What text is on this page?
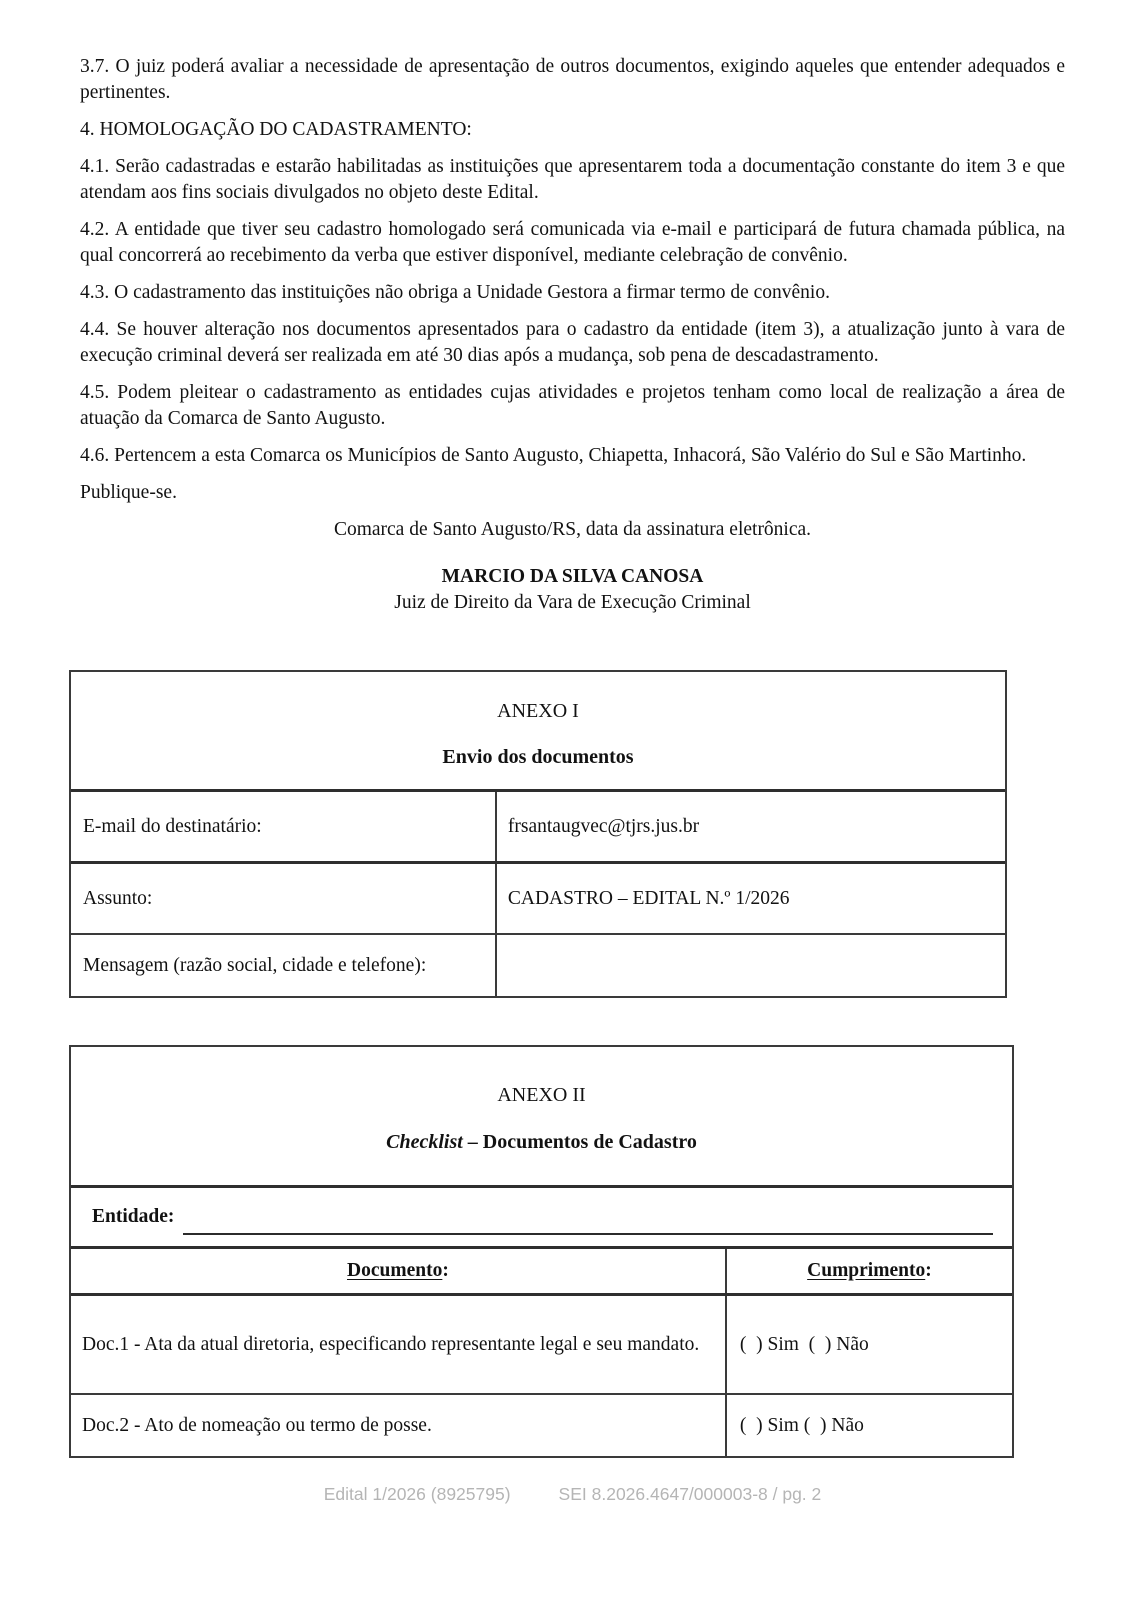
3.7. O juiz poderá avaliar a necessidade de apresentação de outros documentos, exigindo aqueles que entender adequados e pertinentes.

4. HOMOLOGAÇÃO DO CADASTRAMENTO:

4.1. Serão cadastradas e estarão habilitadas as instituições que apresentarem toda a documentação constante do item 3 e que atendam aos fins sociais divulgados no objeto deste Edital.

4.2. A entidade que tiver seu cadastro homologado será comunicada via e-mail e participará de futura chamada pública, na qual concorrerá ao recebimento da verba que estiver disponível, mediante celebração de convênio.

4.3. O cadastramento das instituições não obriga a Unidade Gestora a firmar termo de convênio.

4.4. Se houver alteração nos documentos apresentados para o cadastro da entidade (item 3), a atualização junto à vara de execução criminal deverá ser realizada em até 30 dias após a mudança, sob pena de descadastramento.

4.5. Podem pleitear o cadastramento as entidades cujas atividades e projetos tenham como local de realização a área de atuação da Comarca de Santo Augusto.

4.6. Pertencem a esta Comarca os Municípios de Santo Augusto, Chiapetta, Inhacorá, São Valério do Sul e São Martinho.

Publique-se.

Comarca de Santo Augusto/RS, data da assinatura eletrônica.

MARCIO DA SILVA CANOSA

Juiz de Direito da Vara de Execução Criminal

ANEXO I
Envio dos documentos
E-mail do destinatário:	frsantaugvec@tjrs.jus.br
Assunto:	CADASTRO – EDITAL N.º 1/2026
Mensagem (razão social, cidade e telefone):
ANEXO II
Checklist – Documentos de Cadastro
Entidade:
Documento:	Cumprimento:
Doc.1 - Ata da atual diretoria, especificando representante legal e seu mandato.	(  ) Sim  (  ) Não
Doc.2 - Ato de nomeação ou termo de posse.	(  ) Sim (  ) Não
Edital 1/2026 (8925795)	SEI 8.2026.4647/000003-8 / pg. 2
